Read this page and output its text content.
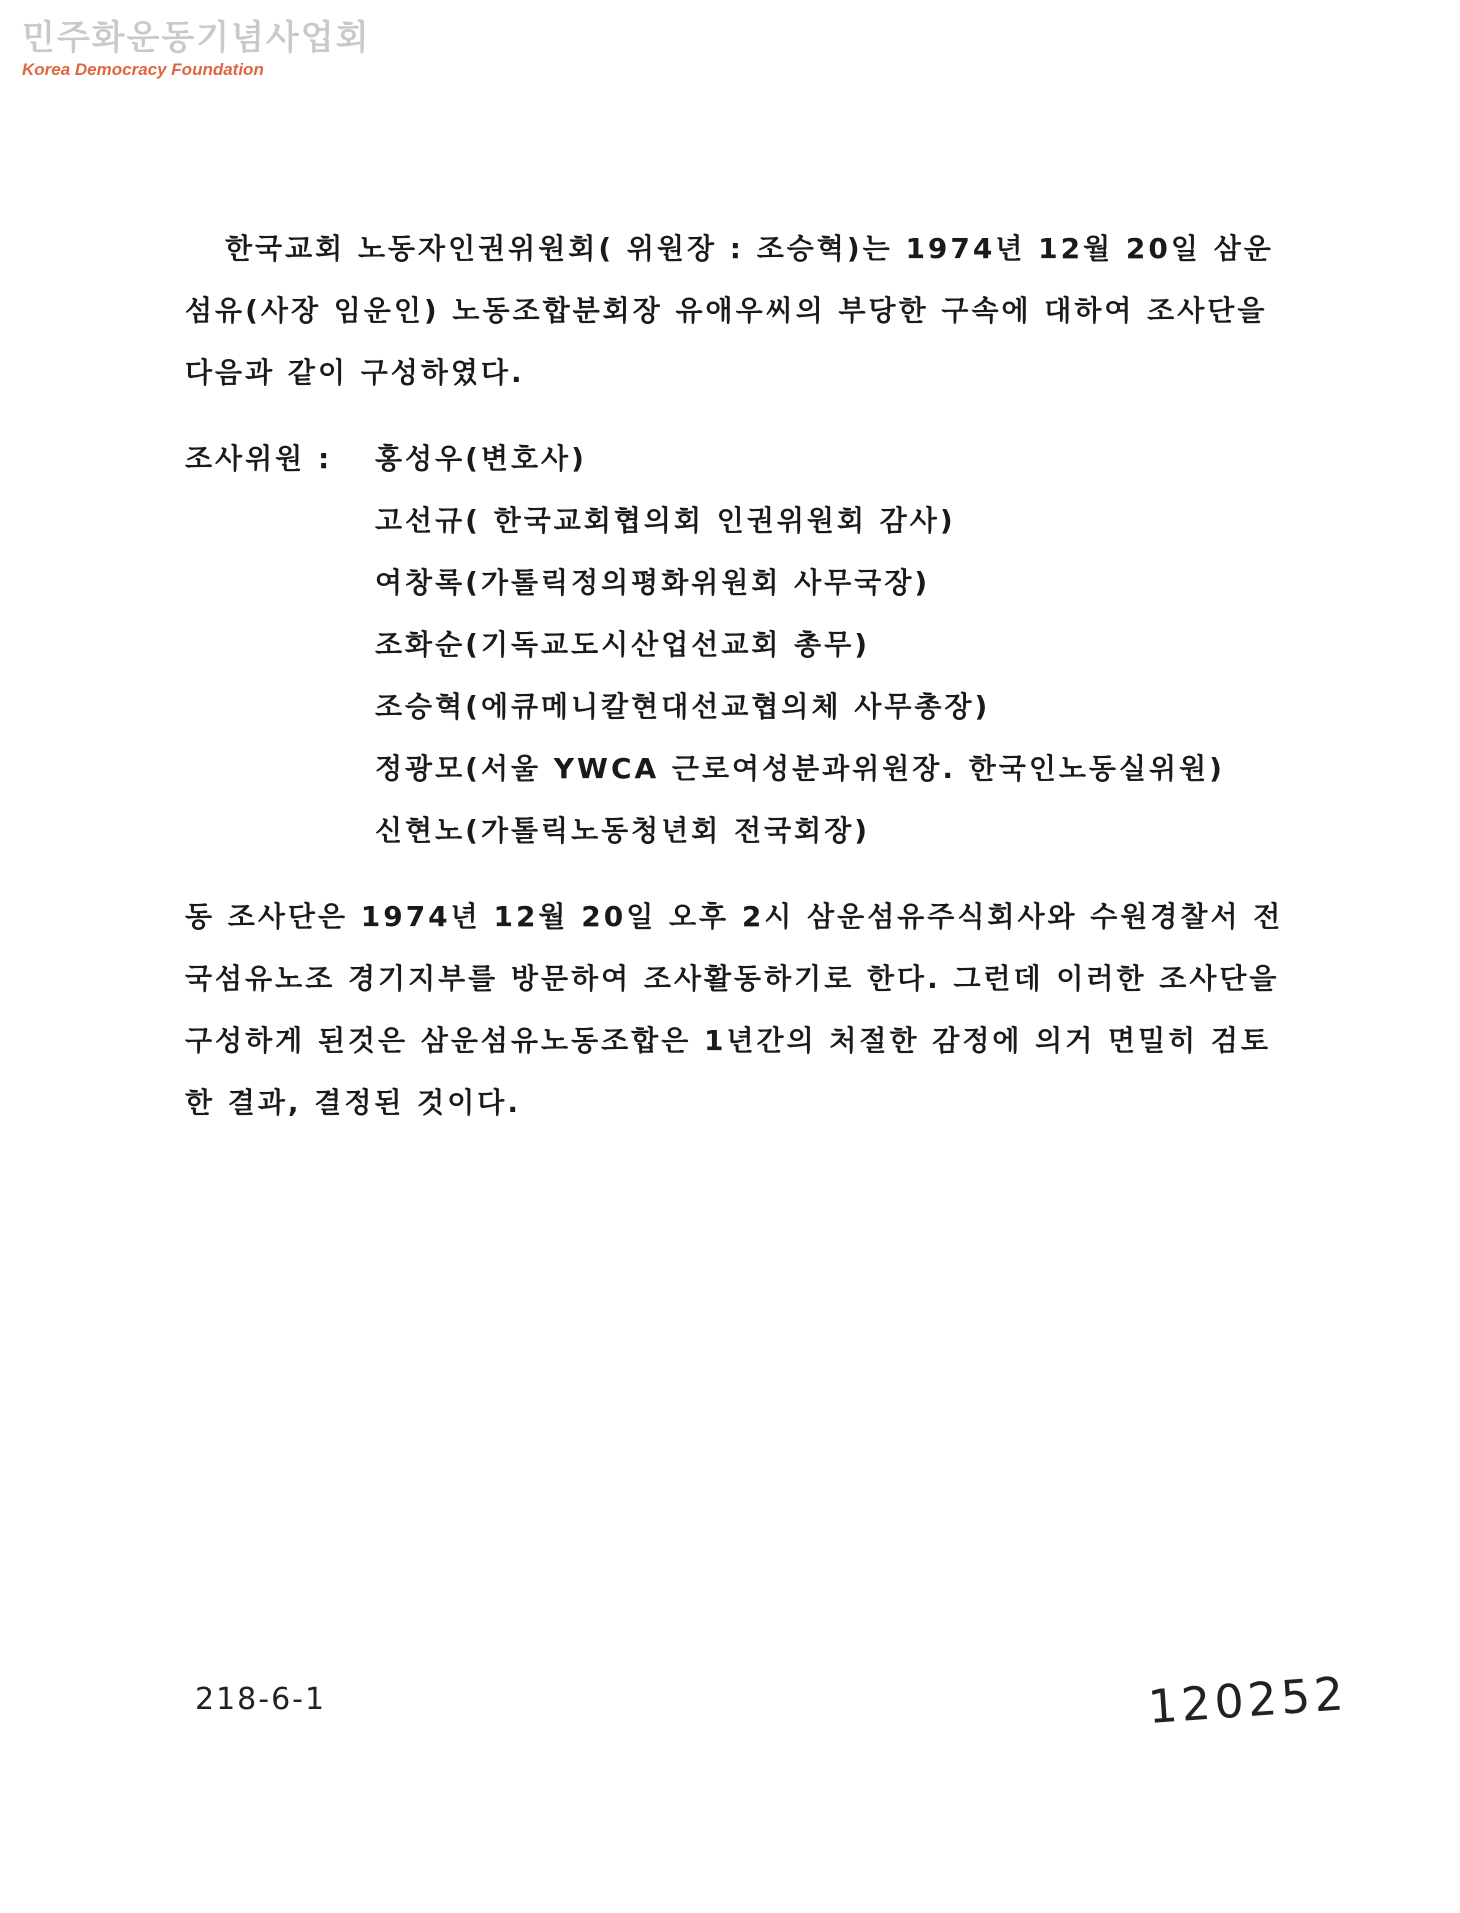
민주화운동기념사업회
Korea Democracy Foundation

한국교회 노동자인권위원회( 위원장 : 조승혁)는 1974년 12월 20일 삼운 섬유(사장 임운인) 노동조합분회장 유애우씨의 부당한 구속에 대하여 조사단을 다음과 같이 구성하였다.

조사위원 :	홍성우(변호사)
고선규( 한국교회협의회 인권위원회 감사)
여창록(가톨릭정의평화위원회 사무국장)
조화순(기독교도시산업선교회 총무)
조승혁(에큐메니칼현대선교협의체 사무총장)
정광모(서울 YWCA 근로여성분과위원장. 한국인노동실위원)
신현노(가톨릭노동청년회 전국회장)

동 조사단은 1974년 12월 20일 오후 2시 삼운섬유주식회사와 수원경찰서 전국섬유노조 경기지부를 방문하여 조사활동하기로 한다. 그런데 이러한 조사단을 구성하게 된것은 삼운섬유노동조합은 1년간의 처절한 감정에 의거 면밀히 검토한 결과, 결정된 것이다.

218-6-1	120252
